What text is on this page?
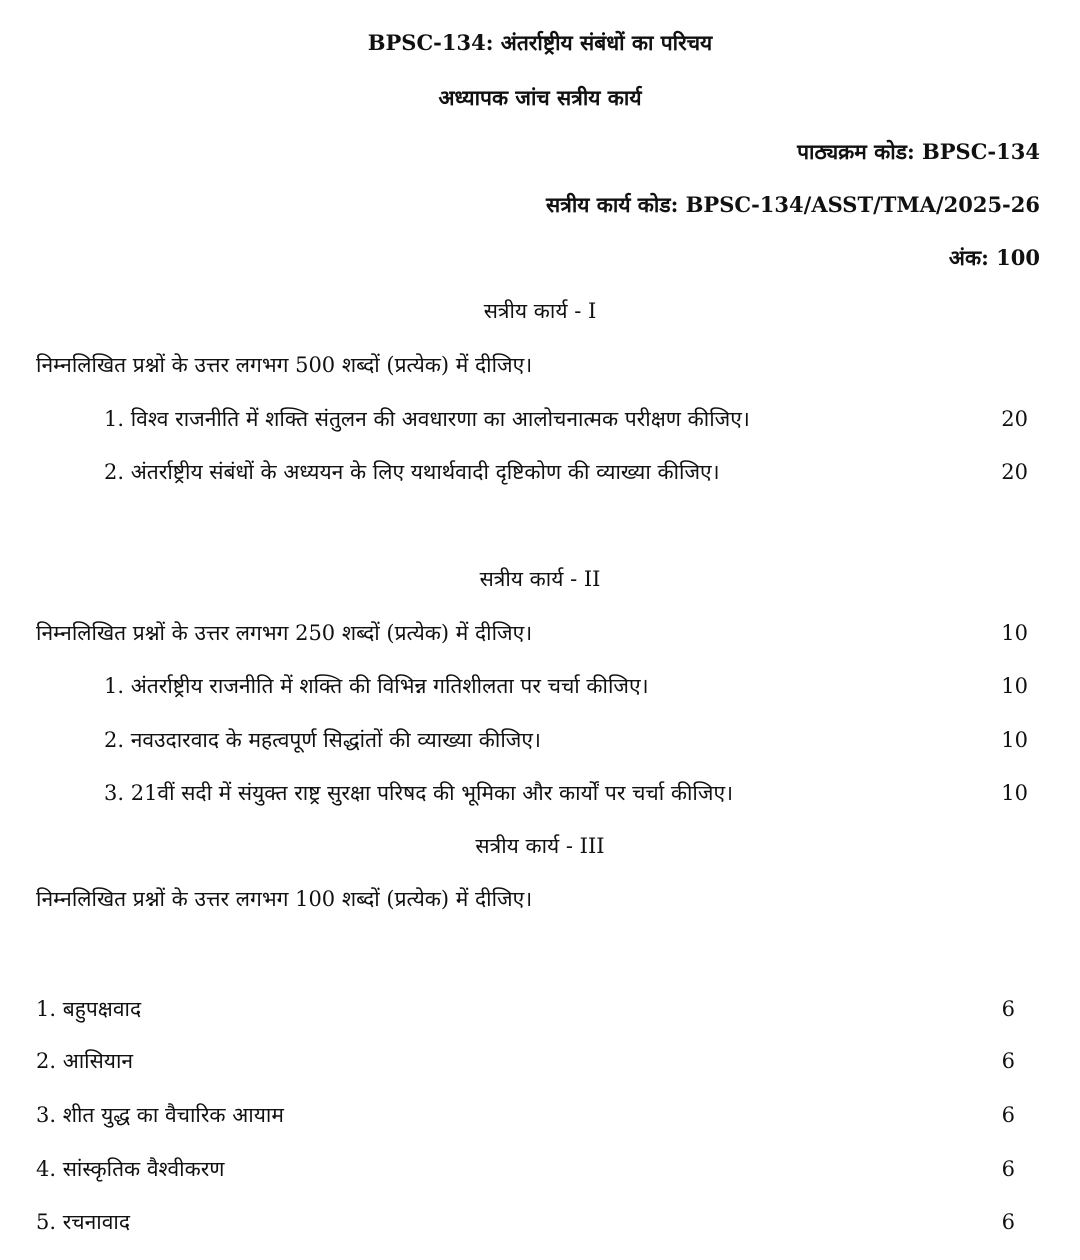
BPSC-134: अंतर्राष्ट्रीय संबंधों का परिचय
अध्यापक जांच सत्रीय कार्य
पाठ्यक्रम कोड: BPSC-134
सत्रीय कार्य कोड: BPSC-134/ASST/TMA/2025-26
अंक: 100
सत्रीय कार्य - I
निम्नलिखित प्रश्नों के उत्तर लगभग 500 शब्दों (प्रत्येक) में दीजिए।
1. विश्व राजनीति में शक्ति संतुलन की अवधारणा का आलोचनात्मक परीक्षण कीजिए।	20
2. अंतर्राष्ट्रीय संबंधों के अध्ययन के लिए यथार्थवादी दृष्टिकोण की व्याख्या कीजिए।	20
सत्रीय कार्य - II
निम्नलिखित प्रश्नों के उत्तर लगभग 250 शब्दों (प्रत्येक) में दीजिए।	10
1. अंतर्राष्ट्रीय राजनीति में शक्ति की विभिन्न गतिशीलता पर चर्चा कीजिए।	10
2. नवउदारवाद के महत्वपूर्ण सिद्धांतों की व्याख्या कीजिए।	10
3. 21वीं सदी में संयुक्त राष्ट्र सुरक्षा परिषद की भूमिका और कार्यों पर चर्चा कीजिए।	10
सत्रीय कार्य - III
निम्नलिखित प्रश्नों के उत्तर लगभग 100 शब्दों (प्रत्येक) में दीजिए।
1. बहुपक्षवाद	6
2. आसियान	6
3. शीत युद्ध का वैचारिक आयाम	6
4. सांस्कृतिक वैश्वीकरण	6
5. रचनावाद	6
